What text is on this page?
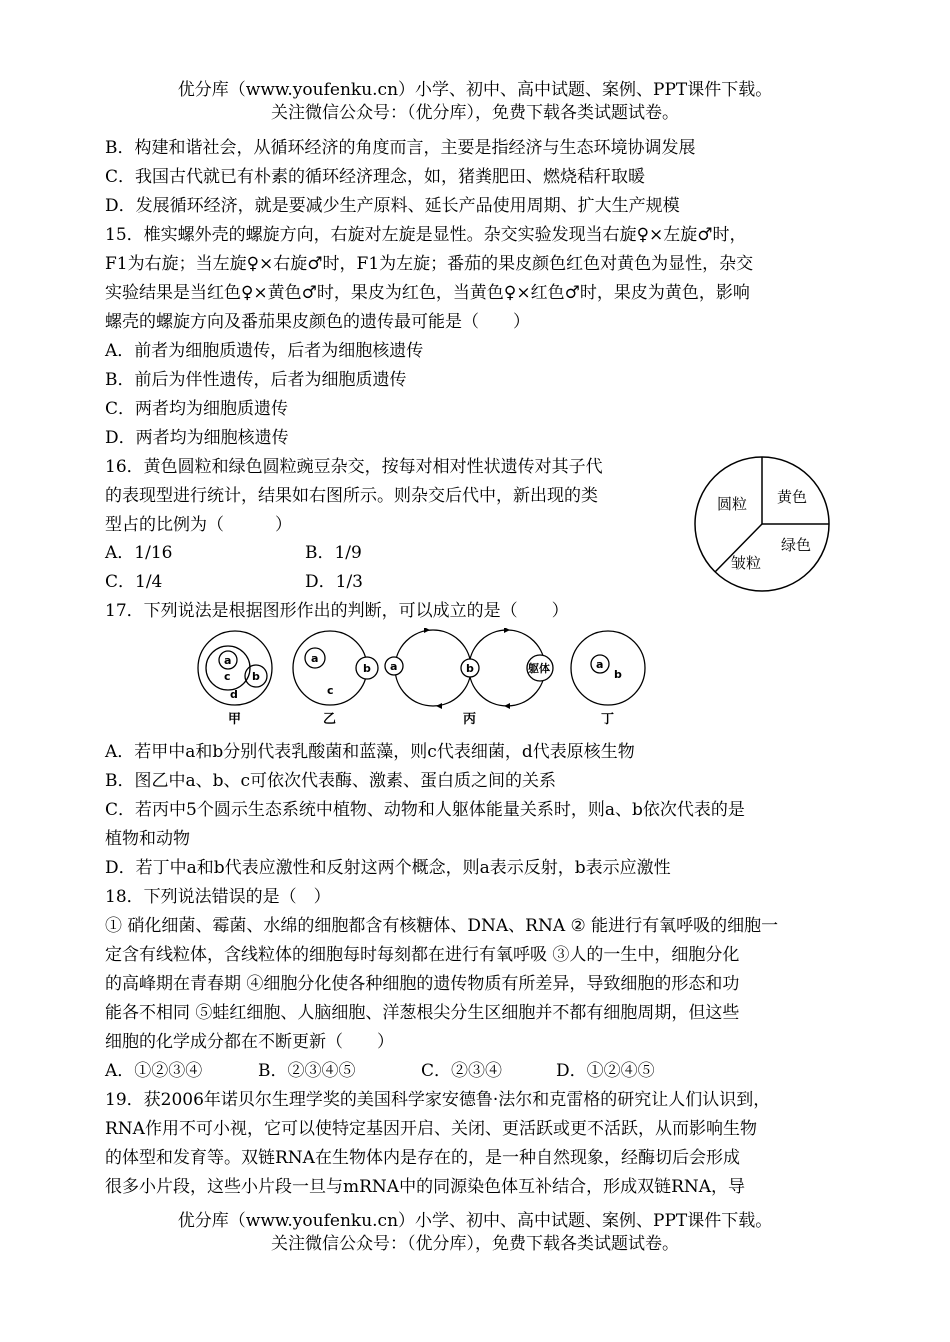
优分库（www.youfenku.cn）小学、初中、高中试题、案例、PPT课件下载。
关注微信公众号：（优分库），免费下载各类试题试卷。
B．构建和谐社会，从循环经济的角度而言，主要是指经济与生态环境协调发展
C．我国古代就已有朴素的循环经济理念，如，猪粪肥田、燃烧秸秆取暖
D．发展循环经济，就是要减少生产原料、延长产品使用周期、扩大生产规模
15．椎实螺外壳的螺旋方向，右旋对左旋是显性。杂交实验发现当右旋♀×左旋♂时，
F1为右旋；当左旋♀×右旋♂时，F1为左旋；番茄的果皮颜色红色对黄色为显性，杂交
实验结果是当红色♀×黄色♂时，果皮为红色，当黄色♀×红色♂时，果皮为黄色，影响
螺壳的螺旋方向及番茄果皮颜色的遗传最可能是（　　）
A．前者为细胞质遗传，后者为细胞核遗传
B．前后为伴性遗传，后者为细胞质遗传
C．两者均为细胞质遗传
D．两者均为细胞核遗传
16．黄色圆粒和绿色圆粒豌豆杂交，按每对相对性状遗传对其子代
的表现型进行统计，结果如右图所示。则杂交后代中，新出现的类
型占的比例为（　　　）
A．1/16	B．1/9
C．1/4	D．1/3
圆粒 黄色
绿色
皱粒
17．下列说法是根据图形作出的判断，可以成立的是（　　）
a
c b
d
a
b
c
a	b	躯体	a
b
甲	乙	丙	丁
A．若甲中a和b分别代表乳酸菌和蓝藻，则c代表细菌，d代表原核生物
B．图乙中a、b、c可依次代表酶、激素、蛋白质之间的关系
C．若丙中5个圆示生态系统中植物、动物和人躯体能量关系时，则a、b依次代表的是
植物和动物
D．若丁中a和b代表应激性和反射这两个概念，则a表示反射，b表示应激性
18．下列说法错误的是（　）
① 硝化细菌、霉菌、水绵的细胞都含有核糖体、DNA、RNA ② 能进行有氧呼吸的细胞一
定含有线粒体，含线粒体的细胞每时每刻都在进行有氧呼吸 ③人的一生中，细胞分化
的高峰期在青春期 ④细胞分化使各种细胞的遗传物质有所差异，导致细胞的形态和功
能各不相同 ⑤蛙红细胞、人脑细胞、洋葱根尖分生区细胞并不都有细胞周期，但这些
细胞的化学成分都在不断更新（　　）
A．①②③④	B．②③④⑤	C．②③④	D．①②④⑤
19．获2006年诺贝尔生理学奖的美国科学家安德鲁·法尔和克雷格的研究让人们认识到，
RNA作用不可小视，它可以使特定基因开启、关闭、更活跃或更不活跃，从而影响生物
的体型和发育等。双链RNA在生物体内是存在的，是一种自然现象，经酶切后会形成
很多小片段，这些小片段一旦与mRNA中的同源染色体互补结合，形成双链RNA，导
优分库（www.youfenku.cn）小学、初中、高中试题、案例、PPT课件下载。
关注微信公众号：（优分库），免费下载各类试题试卷。
